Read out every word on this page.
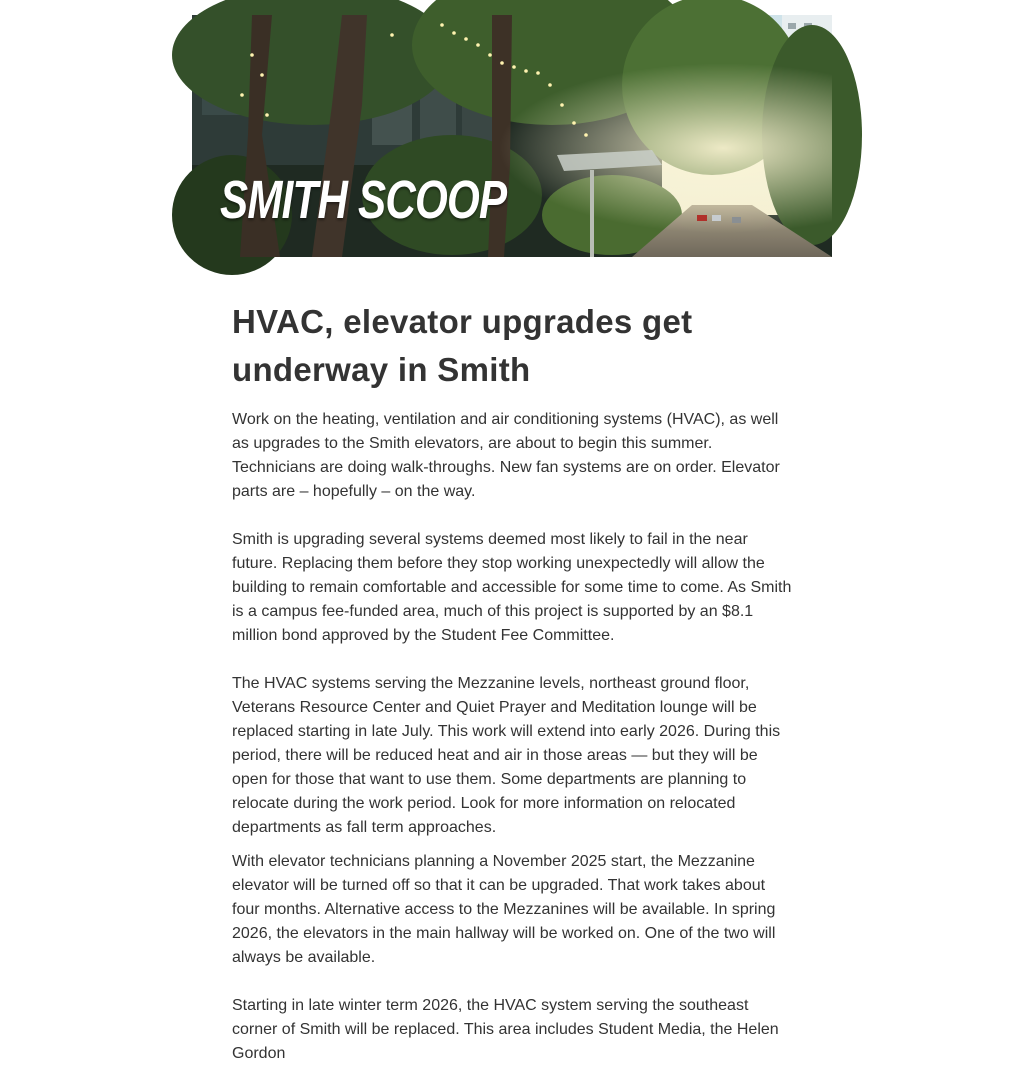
SMITH SCOOP
HVAC, elevator upgrades get underway in Smith

Work on the heating, ventilation and air conditioning systems (HVAC), as well as upgrades to the Smith elevators, are about to begin this summer. Technicians are doing walk-throughs. New fan systems are on order. Elevator parts are – hopefully – on the way.

Smith is upgrading several systems deemed most likely to fail in the near future. Replacing them before they stop working unexpectedly will allow the building to remain comfortable and accessible for some time to come. As Smith is a campus fee-funded area, much of this project is supported by an $8.1 million bond approved by the Student Fee Committee.

The HVAC systems serving the Mezzanine levels, northeast ground floor, Veterans Resource Center and Quiet Prayer and Meditation lounge will be replaced starting in late July. This work will extend into early 2026. During this period, there will be reduced heat and air in those areas — but they will be open for those that want to use them. Some departments are planning to relocate during the work period. Look for more information on relocated departments as fall term approaches.

With elevator technicians planning a November 2025 start, the Mezzanine elevator will be turned off so that it can be upgraded. That work takes about four months. Alternative access to the Mezzanines will be available. In spring 2026, the elevators in the main hallway will be worked on. One of the two will always be available.

Starting in late winter term 2026, the HVAC system serving the southeast corner of Smith will be replaced. This area includes Student Media, the Helen Gordon
